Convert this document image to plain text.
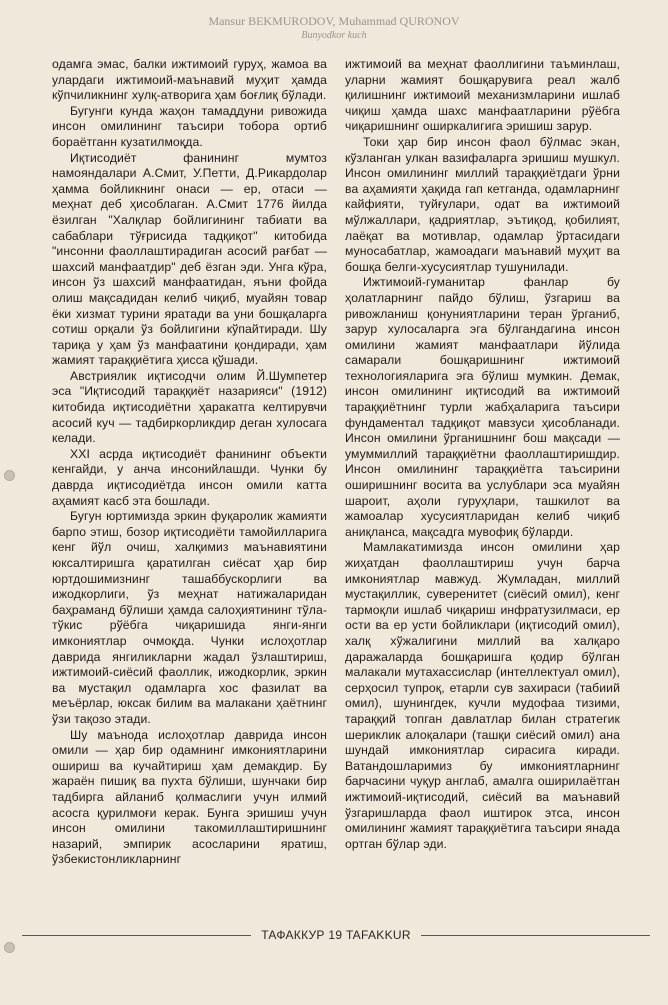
Mansur BEKMURODOV, Muhammad QURONOV
Bunyodkor kuch

одамга эмас, балки ижтимоий гуруҳ, жамоа ва улардаги ижтимоий-маънавий муҳит ҳамда кўпчиликнинг хулқ-атворига ҳам боғлиқ бўлади.

Бугунги кунда жаҳон тамаддуни ривожида инсон омилининг таъсири тобора ортиб бораётганн кузатилмоқда.

Иқтисодиёт фанининг мумтоз намояндалари А.Смит, У.Петти, Д.Рикардолар ҳамма бойликнинг онаси — ер, отаси — меҳнат деб ҳисоблаган. А.Смит 1776 йилда ёзилган "Халқлар бойлигининг табиати ва сабаблари тўғрисида тадқиқот" китобида "инсонни фаоллаштирадиган асосий рағбат — шахсий манфаатдир" деб ёзган эди. Унга кўра, инсон ўз шахсий манфаатидан, яъни фойда олиш мақсадидан келиб чиқиб, муайян товар ёки хизмат турини яратади ва уни бошқаларга сотиш орқали ўз бойлигини кўпайтиради. Шу тариқа у ҳам ўз манфаатини қондиради, ҳам жамият тараққиётига ҳисса қўшади.

Австриялик иқтисодчи олим Й.Шумпетер эса "Иқтисодий тараққиёт назарияси" (1912) китобида иқтисодиётни ҳаракатга келтирувчи асосий куч — тадбиркорликдир деган хулосага келади.

XXI асрда иқтисодиёт фанининг объекти кенгайди, у анча инсонийлашди. Чунки бу даврда иқтисодиётда инсон омили катта аҳамият касб эта бошлади.

Бугун юртимизда эркин фуқаролик жамияти барпо этиш, бозор иқтисодиёти тамойилларига кенг йўл очиш, халқимиз маънавиятини юксалтиришга қаратилган сиёсат ҳар бир юртдошимизнинг ташаббускорлиги ва ижодкорлиги, ўз меҳнат натижаларидан баҳраманд бўлиши ҳамда салоҳиятининг тўла-тўкис рўёбга чиқаришида янги-янги имкониятлар очмоқда. Чунки ислоҳотлар даврида янгиликларни жадал ўзлаштириш, ижтимоий-сиёсий фаоллик, ижодкорлик, эркин ва мустақил одамларга хос фазилат ва меъёрлар, юксак билим ва малакани ҳаётнинг ўзи тақозо этади.

Шу маънода ислоҳотлар даврида инсон омили — ҳар бир одамнинг имкониятларини ошириш ва кучайтириш ҳам демакдир. Бу жараён пишиқ ва пухта бўлиши, шунчаки бир тадбирга айланиб қолмаслиги учун илмий асосга қурилмоғи керак. Бунга эришиш учун инсон омилини такомиллаштиришнинг назарий, эмпирик асосларини яратиш, ўзбекистонликларнинг

ижтимоий ва меҳнат фаоллигини таъминлаш, уларни жамият бошқарувига реал жалб қилишнинг ижтимоий механизмларини ишлаб чиқиш ҳамда шахс манфаатларини рўёбга чиқаришнинг оширкалигига эришиш зарур.

Токи ҳар бир инсон фаол бўлмас экан, кўзланган улкан вазифаларга эришиш мушкул. Инсон омилининг миллий тараққиётдаги ўрни ва аҳамияти ҳақида гап кетганда, одамларнинг кайфияти, туйғулари, одат ва ижтимоий мўлжаллари, қадриятлар, эътиқод, қобилият, лаёқат ва мотивлар, одамлар ўртасидаги муносабатлар, жамоадаги маънавий муҳит ва бошқа белги-хусусиятлар тушунилади.

Ижтимоий-гуманитар фанлар бу ҳолатларнинг пайдо бўлиш, ўзгариш ва ривожланиш қонуниятларини теран ўрганиб, зарур хулосаларга эга бўлгандагина инсон омилини жамият манфаатлари йўлида самарали бошқаришнинг ижтимоий технологияларига эга бўлиш мумкин. Демак, инсон омилининг иқтисодий ва ижтимоий тараққиётнинг турли жабҳаларига таъсири фундаментал тадқиқот мавзуси ҳисобланади. Инсон омилини ўрганишнинг бош мақсади — умуммиллий тараққиётни фаоллаштиришдир. Инсон омилининг тараққиётга таъсирини оширишнинг восита ва услублари эса муайян шароит, аҳоли гуруҳлари, ташкилот ва жамоалар хусусиятларидан келиб чиқиб аниқланса, мақсадга мувофиқ бўларди.

Мамлакатимизда инсон омилини ҳар жиҳатдан фаоллаштириш учун барча имкониятлар мавжуд. Жумладан, миллий мустақиллик, суверенитет (сиёсий омил), кенг тармоқли ишлаб чиқариш инфратузилмаси, ер ости ва ер усти бойликлари (иқтисодий омил), халқ хўжалигини миллий ва халқаро даражаларда бошқаришга қодир бўлган малакали мутахассислар (интеллектуал омил), серҳосил тупроқ, етарли сув захираси (табиий омил), шунингдек, кучли мудофаа тизими, тараққий топган давлатлар билан стратегик шериклик алоқалари (ташқи сиёсий омил) ана шундай имкониятлар сирасига киради. Ватандошларимиз бу имкониятларнинг барчасини чуқур англаб, амалга оширилаётган ижтимоий-иқтисодий, сиёсий ва маънавий ўзгаришларда фаол иштирок этса, инсон омилининг жамият тараққиётига таъсири янада ортган бўлар эди.

ТАФАККУР 19 TAFAKKUR
